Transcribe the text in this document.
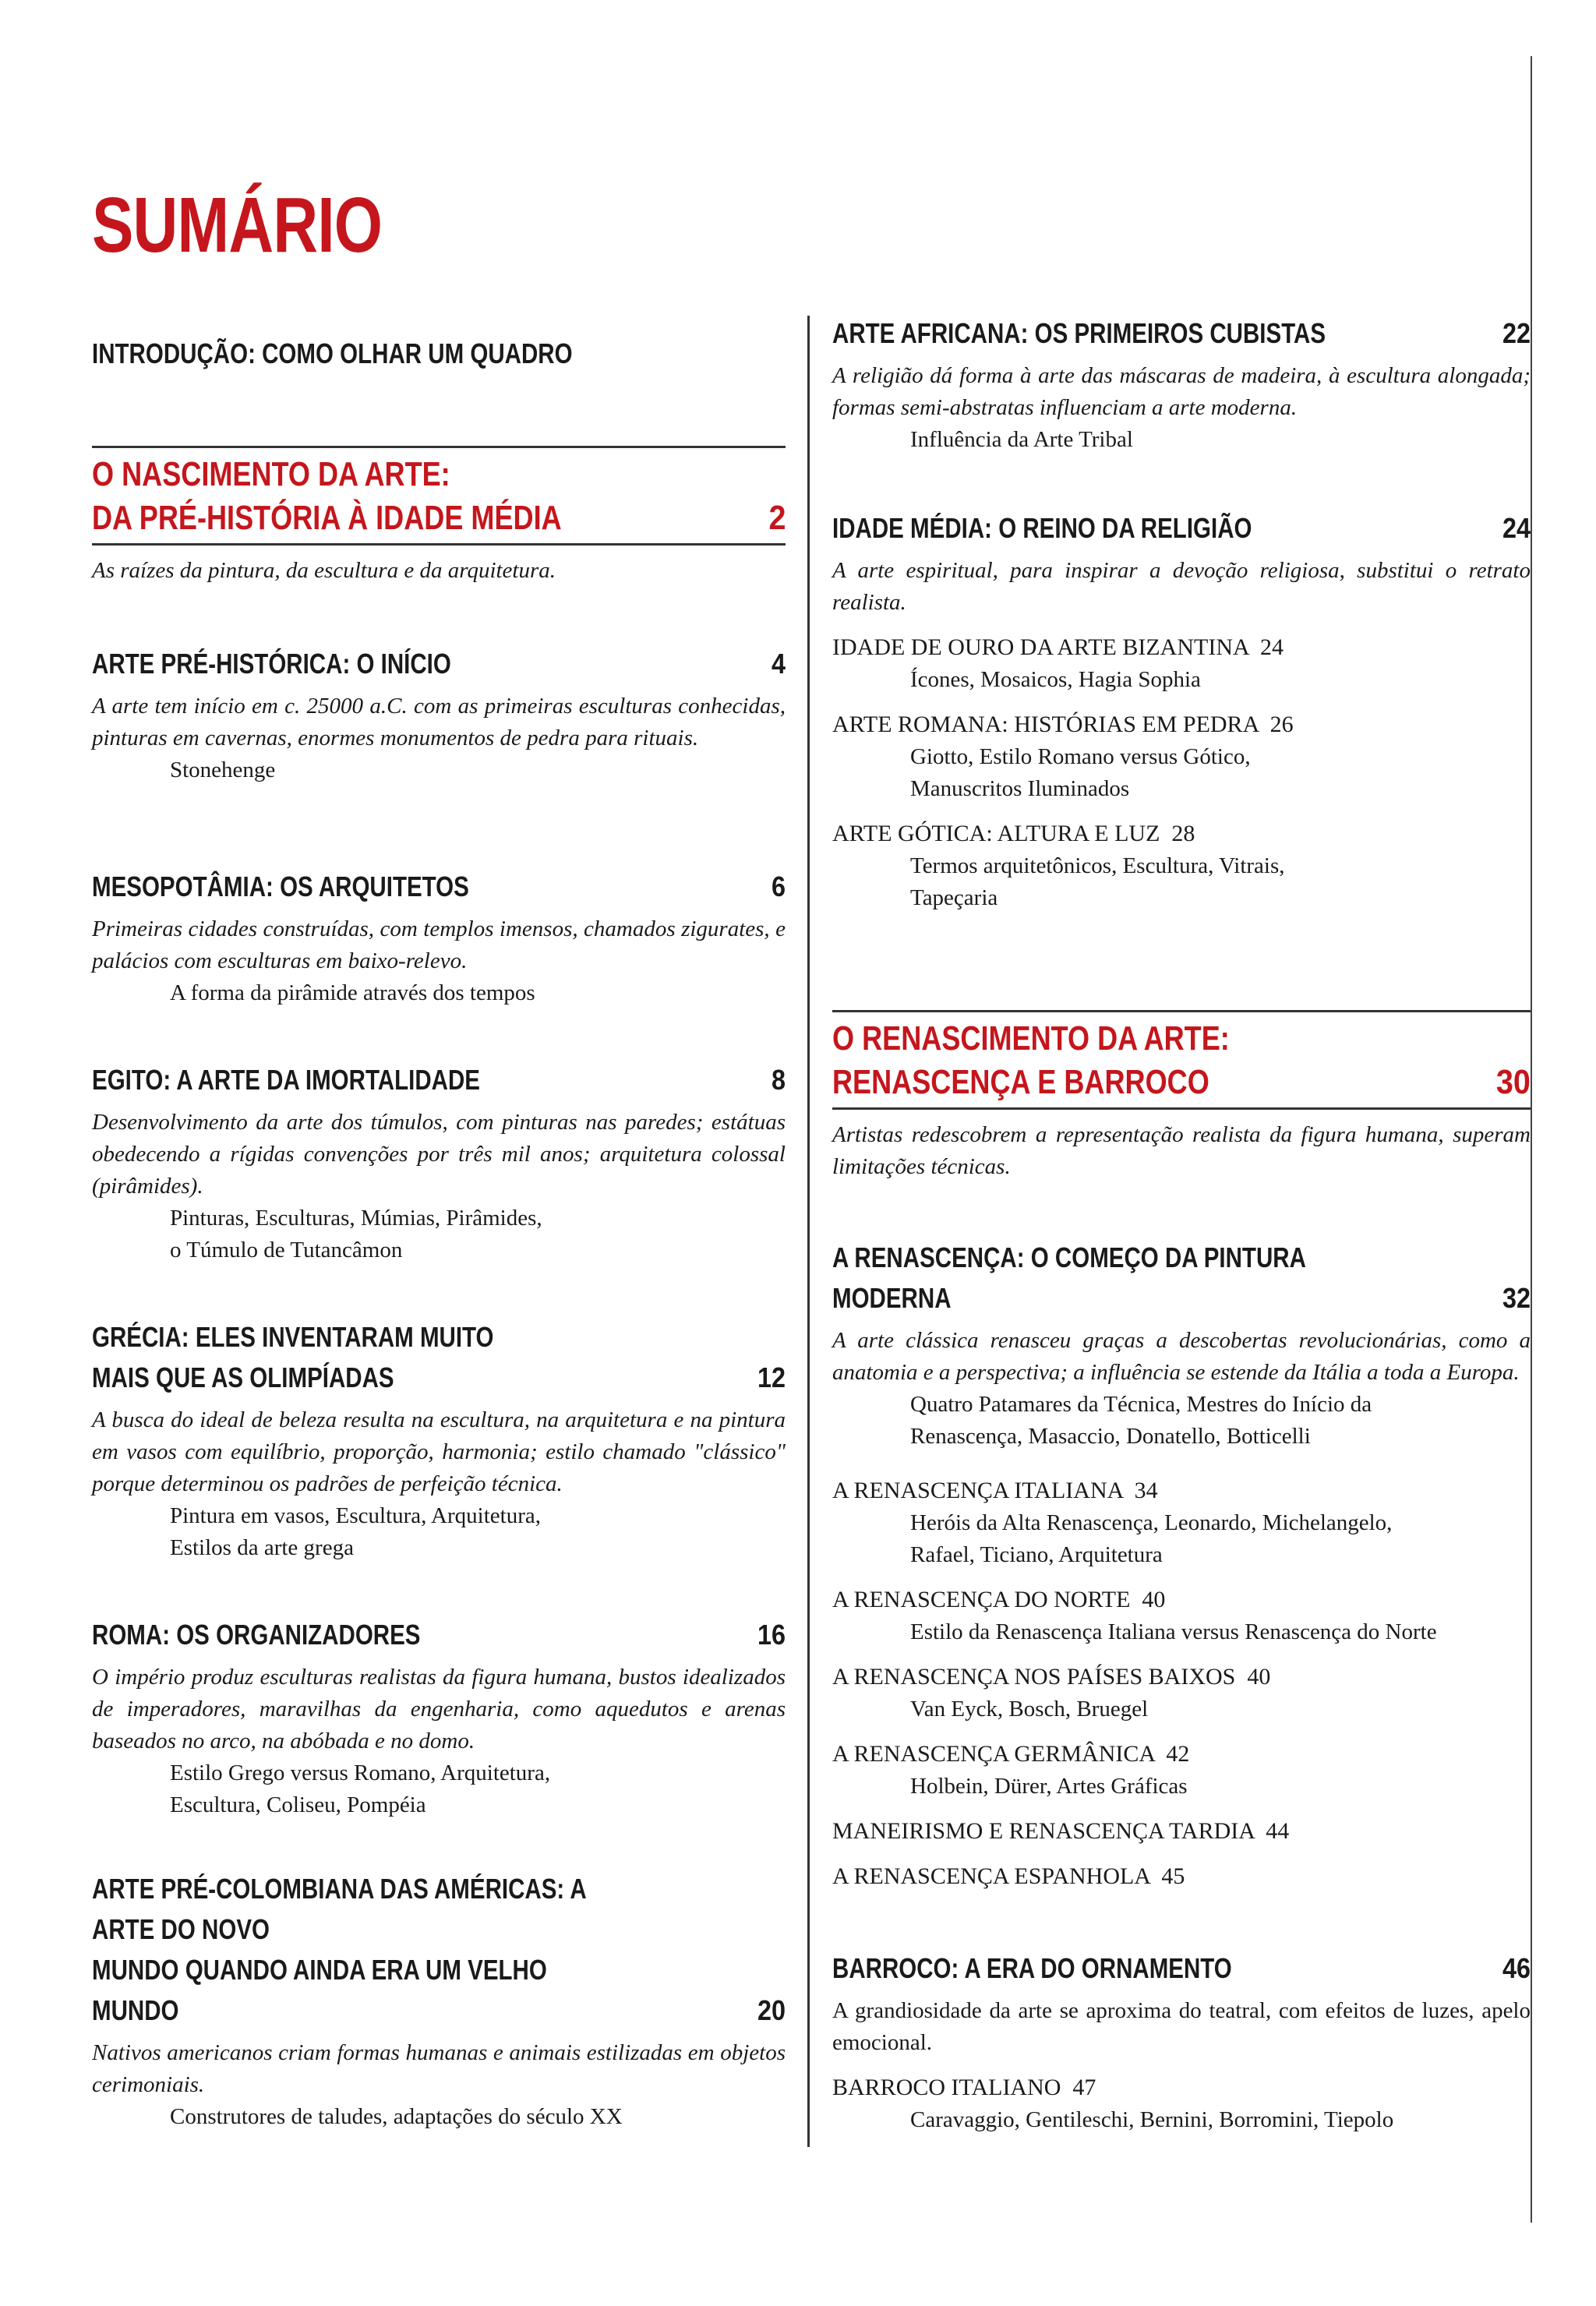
SUMÁRIO
INTRODUÇÃO: COMO OLHAR UM QUADRO
O NASCIMENTO DA ARTE:
DA PRÉ-HISTÓRIA À IDADE MÉDIA	2
As raízes da pintura, da escultura e da arquitetura.
ARTE PRÉ-HISTÓRICA: O INÍCIO	4
A arte tem início em c. 25000 a.C. com as primeiras esculturas conhecidas, pinturas em cavernas, enormes monumentos de pedra para rituais.
Stonehenge
MESOPOTÂMIA: OS ARQUITETOS	6
Primeiras cidades construídas, com templos imensos, chamados zigurates, e palácios com esculturas em baixo-relevo.
A forma da pirâmide através dos tempos
EGITO: A ARTE DA IMORTALIDADE	8
Desenvolvimento da arte dos túmulos, com pinturas nas paredes; estátuas obedecendo a rígidas convenções por três mil anos; arquitetura colossal (pirâmides).
Pinturas, Esculturas, Múmias, Pirâmides,
o Túmulo de Tutancâmon
GRÉCIA: ELES INVENTARAM MUITO
MAIS QUE AS OLIMPÍADAS	12
A busca do ideal de beleza resulta na escultura, na arquitetura e na pintura em vasos com equilíbrio, proporção, harmonia; estilo chamado "clássico" porque determinou os padrões de perfeição técnica.
Pintura em vasos, Escultura, Arquitetura,
Estilos da arte grega
ROMA: OS ORGANIZADORES	16
O império produz esculturas realistas da figura humana, bustos idealizados de imperadores, maravilhas da engenharia, como aquedutos e arenas baseados no arco, na abóbada e no domo.
Estilo Grego versus Romano, Arquitetura,
Escultura, Coliseu, Pompéia
ARTE PRÉ-COLOMBIANA DAS AMÉRICAS: A ARTE DO NOVO
MUNDO QUANDO AINDA ERA UM VELHO MUNDO	20
Nativos americanos criam formas humanas e animais estilizadas em objetos cerimoniais.
Construtores de taludes, adaptações do século XX
ARTE AFRICANA: OS PRIMEIROS CUBISTAS	22
A religião dá forma à arte das máscaras de madeira, à escultura alongada; formas semi-abstratas influenciam a arte moderna.
Influência da Arte Tribal
IDADE MÉDIA: O REINO DA RELIGIÃO	24
A arte espiritual, para inspirar a devoção religiosa, substitui o retrato realista.
IDADE DE OURO DA ARTE BIZANTINA  24
Ícones, Mosaicos, Hagia Sophia
ARTE ROMANA: HISTÓRIAS EM PEDRA  26
Giotto, Estilo Romano versus Gótico,
Manuscritos Iluminados
ARTE GÓTICA: ALTURA E LUZ  28
Termos arquitetônicos, Escultura, Vitrais,
Tapeçaria
O RENASCIMENTO DA ARTE:
RENASCENÇA E BARROCO	30
Artistas redescobrem a representação realista da figura humana, superam limitações técnicas.
A RENASCENÇA: O COMEÇO DA PINTURA MODERNA	32
A arte clássica renasceu graças a descobertas revolucionárias, como a anatomia e a perspectiva; a influência se estende da Itália a toda a Europa.
Quatro Patamares da Técnica, Mestres do Início da
Renascença, Masaccio, Donatello, Botticelli
A RENASCENÇA ITALIANA  34
Heróis da Alta Renascença, Leonardo, Michelangelo,
Rafael, Ticiano, Arquitetura
A RENASCENÇA DO NORTE  40
Estilo da Renascença Italiana versus Renascença do Norte
A RENASCENÇA NOS PAÍSES BAIXOS  40
Van Eyck, Bosch, Bruegel
A RENASCENÇA GERMÂNICA  42
Holbein, Dürer, Artes Gráficas
MANEIRISMO E RENASCENÇA TARDIA  44
A RENASCENÇA ESPANHOLA  45
BARROCO: A ERA DO ORNAMENTO	46
A grandiosidade da arte se aproxima do teatral, com efeitos de luzes, apelo emocional.
BARROCO ITALIANO  47
Caravaggio, Gentileschi, Bernini, Borromini, Tiepolo
